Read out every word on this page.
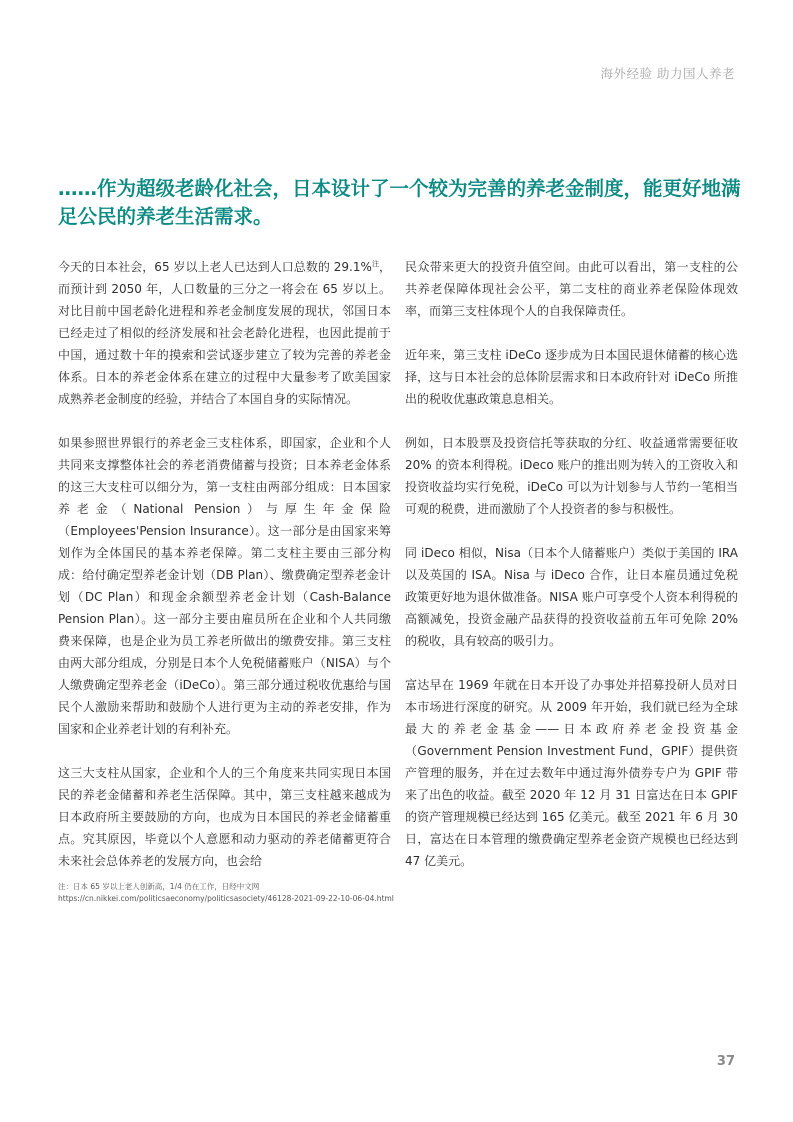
海外经验 助力国人养老
……作为超级老龄化社会，日本设计了一个较为完善的养老金制度，能更好地满足公民的养老生活需求。

今天的日本社会，65 岁以上老人已达到人口总数的 29.1%$^注$，而预计到 2050 年，人口数量的三分之一将会在 65 岁以上。对比目前中国老龄化进程和养老金制度发展的现状，邻国日本已经走过了相似的经济发展和社会老龄化进程，也因此提前于中国，通过数十年的摸索和尝试逐步建立了较为完善的养老金体系。日本的养老金体系在建立的过程中大量参考了欧美国家成熟养老金制度的经验，并结合了本国自身的实际情况。

如果参照世界银行的养老金三支柱体系，即国家，企业和个人共同来支撑整体社会的养老消费储蓄与投资；日本养老金体系的这三大支柱可以细分为，第一支柱由两部分组成：日本国家养老金（National Pension）与厚生年金保险（Employees'Pension Insurance）。这一部分是由国家来筹划作为全体国民的基本养老保障。第二支柱主要由三部分构成：给付确定型养老金计划（DB Plan）、缴费确定型养老金计划（DC Plan）和现金余额型养老金计划（Cash-Balance Pension Plan）。这一部分主要由雇员所在企业和个人共同缴费来保障，也是企业为员工养老所做出的缴费安排。第三支柱由两大部分组成，分别是日本个人免税储蓄账户（NISA）与个人缴费确定型养老金（iDeCo）。第三部分通过税收优惠给与国民个人激励来帮助和鼓励个人进行更为主动的养老安排，作为国家和企业养老计划的有利补充。

这三大支柱从国家，企业和个人的三个角度来共同实现日本国民的养老金储蓄和养老生活保障。其中，第三支柱越来越成为日本政府所主要鼓励的方向，也成为日本国民的养老金储蓄重点。究其原因，毕竟以个人意愿和动力驱动的养老储蓄更符合未来社会总体养老的发展方向，也会给

民众带来更大的投资升值空间。由此可以看出，第一支柱的公共养老保障体现社会公平，第二支柱的商业养老保险体现效率，而第三支柱体现个人的自我保障责任。

近年来，第三支柱 iDeCo 逐步成为日本国民退休储蓄的核心选择，这与日本社会的总体阶层需求和日本政府针对 iDeCo 所推出的税收优惠政策息息相关。

例如，日本股票及投资信托等获取的分红、收益通常需要征收 20% 的资本利得税。iDeco 账户的推出则为转入的工资收入和投资收益均实行免税，iDeCo 可以为计划参与人节约一笔相当可观的税费，进而激励了个人投资者的参与积极性。

同 iDeco 相似，Nisa（日本个人储蓄账户）类似于美国的 IRA 以及英国的 ISA。Nisa 与 iDeco 合作，让日本雇员通过免税政策更好地为退休做准备。NISA 账户可享受个人资本利得税的高额减免，投资金融产品获得的投资收益前五年可免除 20% 的税收，具有较高的吸引力。

富达早在 1969 年就在日本开设了办事处并招募投研人员对日本市场进行深度的研究。从 2009 年开始，我们就已经为全球最大的养老金基金——日本政府养老金投资基金（Government Pension Investment Fund，GPIF）提供资产管理的服务，并在过去数年中通过海外债券专户为 GPIF 带来了出色的收益。截至 2020 年 12 月 31 日富达在日本 GPIF 的资产管理规模已经达到 165 亿美元。截至 2021 年 6 月 30 日，富达在日本管理的缴费确定型养老金资产规模也已经达到 47 亿美元。

注：日本 65 岁以上老人创新高，1/4 仍在工作，日经中文网
https://cn.nikkei.com/politicsaeconomy/politicsasociety/46128-2021-09-22-10-06-04.html
37
